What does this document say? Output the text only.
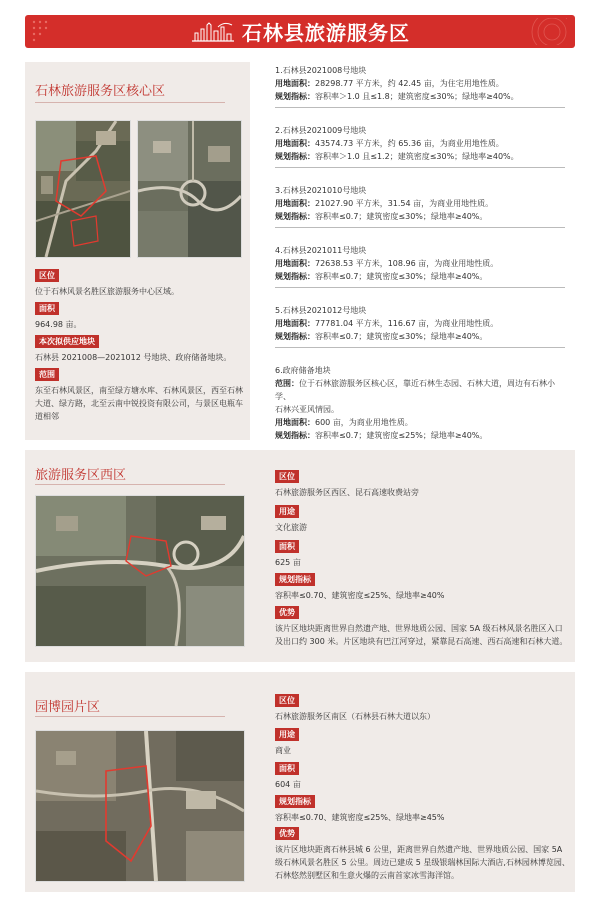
石林县旅游服务区
石林旅游服务区核心区
区位
位于石林风景名胜区旅游服务中心区域。
面积
964.98 亩。
本次拟供应地块
石林县 2021008—2021012 号地块、政府储备地块。
范围
东至石林风景区，南至绿方塘水库、石林风景区，西至石林
大道、绿方路，北至云南中锐投资有限公司，与景区电瓶车
道相邻
1.石林县2021008号地块
用地面积：28298.77 平方米，约 42.45 亩，为住宅用地性质。
规划指标：容积率＞1.0 且≤1.8；建筑密度≤30%；绿地率≥40%。
2.石林县2021009号地块
用地面积：43574.73 平方米，约 65.36 亩，为商业用地性质。
规划指标：容积率＞1.0 且≤1.2；建筑密度≤30%；绿地率≥40%。
3.石林县2021010号地块
用地面积：21027.90 平方米，31.54 亩，为商业用地性质。
规划指标：容积率≤0.7；建筑密度≤30%；绿地率≥40%。
4.石林县2021011号地块
用地面积：72638.53 平方米，108.96 亩，为商业用地性质。
规划指标：容积率≤0.7；建筑密度≤30%；绿地率≥40%。
5.石林县2021012号地块
用地面积：77781.04 平方米，116.67 亩，为商业用地性质。
规划指标：容积率≤0.7；建筑密度≤30%；绿地率≥40%。
6.政府储备地块
范围：位于石林旅游服务区核心区，靠近石林生态园、石林大道，周边有石林小学、
石林兴亚风情园。
用地面积：600 亩，为商业用地性质。
规划指标：容积率≤0.7；建筑密度≤25%；绿地率≥40%。
旅游服务区西区	区位
石林旅游服务区西区、昆石高速收费站旁
用途
文化旅游
面积
625 亩
规划指标
容积率≤0.70、建筑密度≤25%、绿地率≥40%
优势
该片区地块距离世界自然遗产地、世界地质公园、国家 5A 级石林风景名胜区入口
及出口约 300 米。片区地块有巴江河穿过，紧靠昆石高速、西石高速和石林大道。
园博园片区	区位
石林旅游服务区南区（石林县石林大道以东）
用途
商业
面积
604 亩
规划指标
容积率≤0.70、建筑密度≤25%、绿地率≥45%
优势
该片区地块距离石林县城 6 公里，距离世界自然遗产地、世界地质公园、国家 5A
级石林风景名胜区 5 公里。周边已建成 5 星级银瑞林国际大酒店,石林园林博览园、
石林悠然别墅区和生意火爆的云南首家冰雪海洋馆。
